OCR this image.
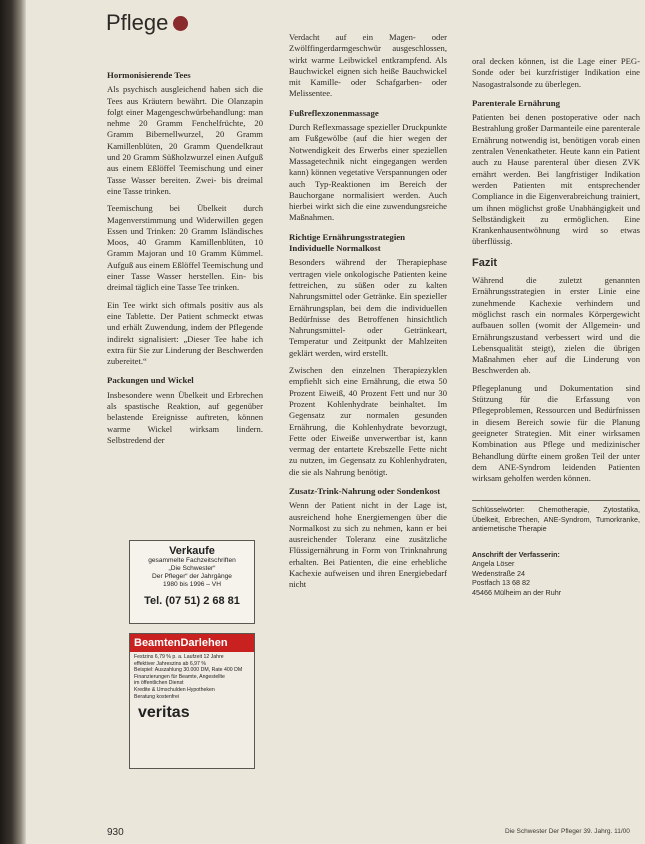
Pflege
Hormonisierende Tees

Als psychisch ausgleichend haben sich die Tees aus Kräutern bewährt. Die Olanzapin folgt einer Magengeschwürbehandlung: man nehme 20 Gramm Fenchelfrüchte, 20 Gramm Bibernellwurzel, 20 Gramm Kamillenblüten, 20 Gramm Quendelkraut und 20 Gramm Süßholzwurzel einen Aufguß aus einem Eßlöffel Teemischung und einer Tasse Wasser bereiten. Zwei- bis dreimal eine Tasse trinken.

Teemischung bei Übelkeit durch Magenverstimmung und Widerwillen gegen Essen und Trinken: 20 Gramm Isländisches Moos, 40 Gramm Kamillenblüten, 10 Gramm Majoran und 10 Gramm Kümmel. Aufguß aus einem Eßlöffel Teemischung und einer Tasse Wasser herstellen. Ein- bis dreimal täglich eine Tasse Tee trinken.

Ein Tee wirkt sich oftmals positiv aus als eine Tablette. Der Patient schmeckt etwas und erhält Zuwendung, indem der Pflegende indirekt signalisiert: „Dieser Tee habe ich extra für Sie zur Linderung der Beschwerden zubereitet.“

Packungen und Wickel

Insbesondere wenn Übelkeit und Erbrechen als spastische Reaktion, auf gegenüber belastende Ereignisse auftreten, können warme Wickel wirksam lindern. Selbstredend der

Verkaufe
gesammelte Fachzeitschriften
„Die Schwester“
Der Pfleger“ der Jahrgänge
1980 bis 1996 – VH
Tel. (07 51) 2 68 81
BeamtenDarlehen
Festzins 6,79 % p. a. Laufzeit 12 Jahre
effektiver Jahreszins ab 6,97 %
Beispiel: Auszahlung 30.000 DM, Rate 400 DM
Finanzierungen für Beamte, Angestellte
im öffentlichen Dienst
Kredite & Umschulden Hypotheken
Beratung kostenfrei
veritas

Verdacht auf ein Magen- oder Zwölffingerdarmgeschwür ausgeschlossen, wirkt warme Leibwickel entkrampfend. Als Bauchwickel eignen sich heiße Bauchwickel mit Kamille- oder Schafgarben- oder Melissentee.

Fußreflexzonenmassage

Durch Reflexmassage spezieller Druckpunkte am Fußgewölbe (auf die hier wegen der Notwendigkeit des Erwerbs einer speziellen Massagetechnik nicht eingegangen werden kann) können vegetative Verspannungen oder auch Typ-Reaktionen im Bereich der Bauchorgane normalisiert werden. Auch hierbei wirkt sich die eine zuwendungsreiche Maßnahmen.

Richtige Ernährungsstrategien
Individuelle Normalkost

Besonders während der Therapiephase vertragen viele onkologische Patienten keine fettreichen, zu süßen oder zu kalten Nahrungsmittel oder Getränke. Ein spezieller Ernährungsplan, bei dem die individuellen Bedürfnisse des Betroffenen hinsichtlich Nahrungsmittel- oder Getränkeart, Temperatur und Zeitpunkt der Mahlzeiten geklärt werden, wird erstellt.

Zwischen den einzelnen Therapiezyklen empfiehlt sich eine Ernährung, die etwa 50 Prozent Eiweiß, 40 Prozent Fett und nur 30 Prozent Kohlenhydrate beinhaltet. Im Gegensatz zur normalen gesunden Ernährung, die Kohlenhydrate bevorzugt, Fette oder Eiweiße unverwertbar ist, kann vermag der entartete Krebszelle Fette nicht zu nutzen, im Gegensatz zu Kohlenhydraten, die sie als Nahrung benötigt.

Zusatz-Trink-Nahrung oder Sondenkost

Wenn der Patient nicht in der Lage ist, ausreichend hohe Energiemengen über die Normalkost zu sich zu nehmen, kann er bei ausreichender Toleranz eine zusätzliche Flüssigernährung in Form von Trinknahrung erhalten. Bei Patienten, die eine erhebliche Kachexie aufweisen und ihren Energiebedarf nicht

oral decken können, ist die Lage einer PEG-Sonde oder bei kurzfristiger Indikation eine Nasogastralsonde zu überlegen.

Parenterale Ernährung

Patienten bei denen postoperative oder nach Bestrahlung großer Darmanteile eine parenterale Ernährung notwendig ist, benötigen vorab einen zentralen Venenkatheter. Heute kann ein Patient auch zu Hause parenteral über diesen ZVK ernährt werden. Bei langfristiger Indikation werden Patienten mit entsprechender Compliance in die Eigenverabreichung trainiert, um ihnen möglichst große Unabhängigkeit und Selbständigkeit zu ermöglichen. Eine Krankenhausentwöhnung wird so etwas überflüssig.

Fazit

Während die zuletzt genannten Ernährungsstrategien in erster Linie eine zunehmende Kachexie verhindern und möglichst rasch ein normales Körpergewicht aufbauen sollen (womit der Allgemein- und Ernährungszustand verbessert wird und die Lebensqualität steigt), zielen die übrigen Maßnahmen eher auf die Linderung von Beschwerden ab.

Pflegeplanung und Dokumentation sind Stützung für die Erfassung von Pflegeproblemen, Ressourcen und Bedürfnissen in diesem Bereich sowie für die Planung geeigneter Strategien. Mit einer wirksamen Kombination aus Pflege und medizinischer Behandlung dürfte einem großen Teil der unter dem ANE-Syndrom leidenden Patienten wirksam geholfen werden können.

Schlüsselwörter: Chemotherapie, Zytostatika, Übelkeit, Erbrechen, ANE-Syndrom, Tumorkranke, antiemetische Therapie
Anschrift der Verfasserin:
Angela Löser
Wedenstraße 24
Postfach 13 68 82
45466 Mülheim an der Ruhr
930	Die Schwester Der Pfleger 39. Jahrg. 11/00
